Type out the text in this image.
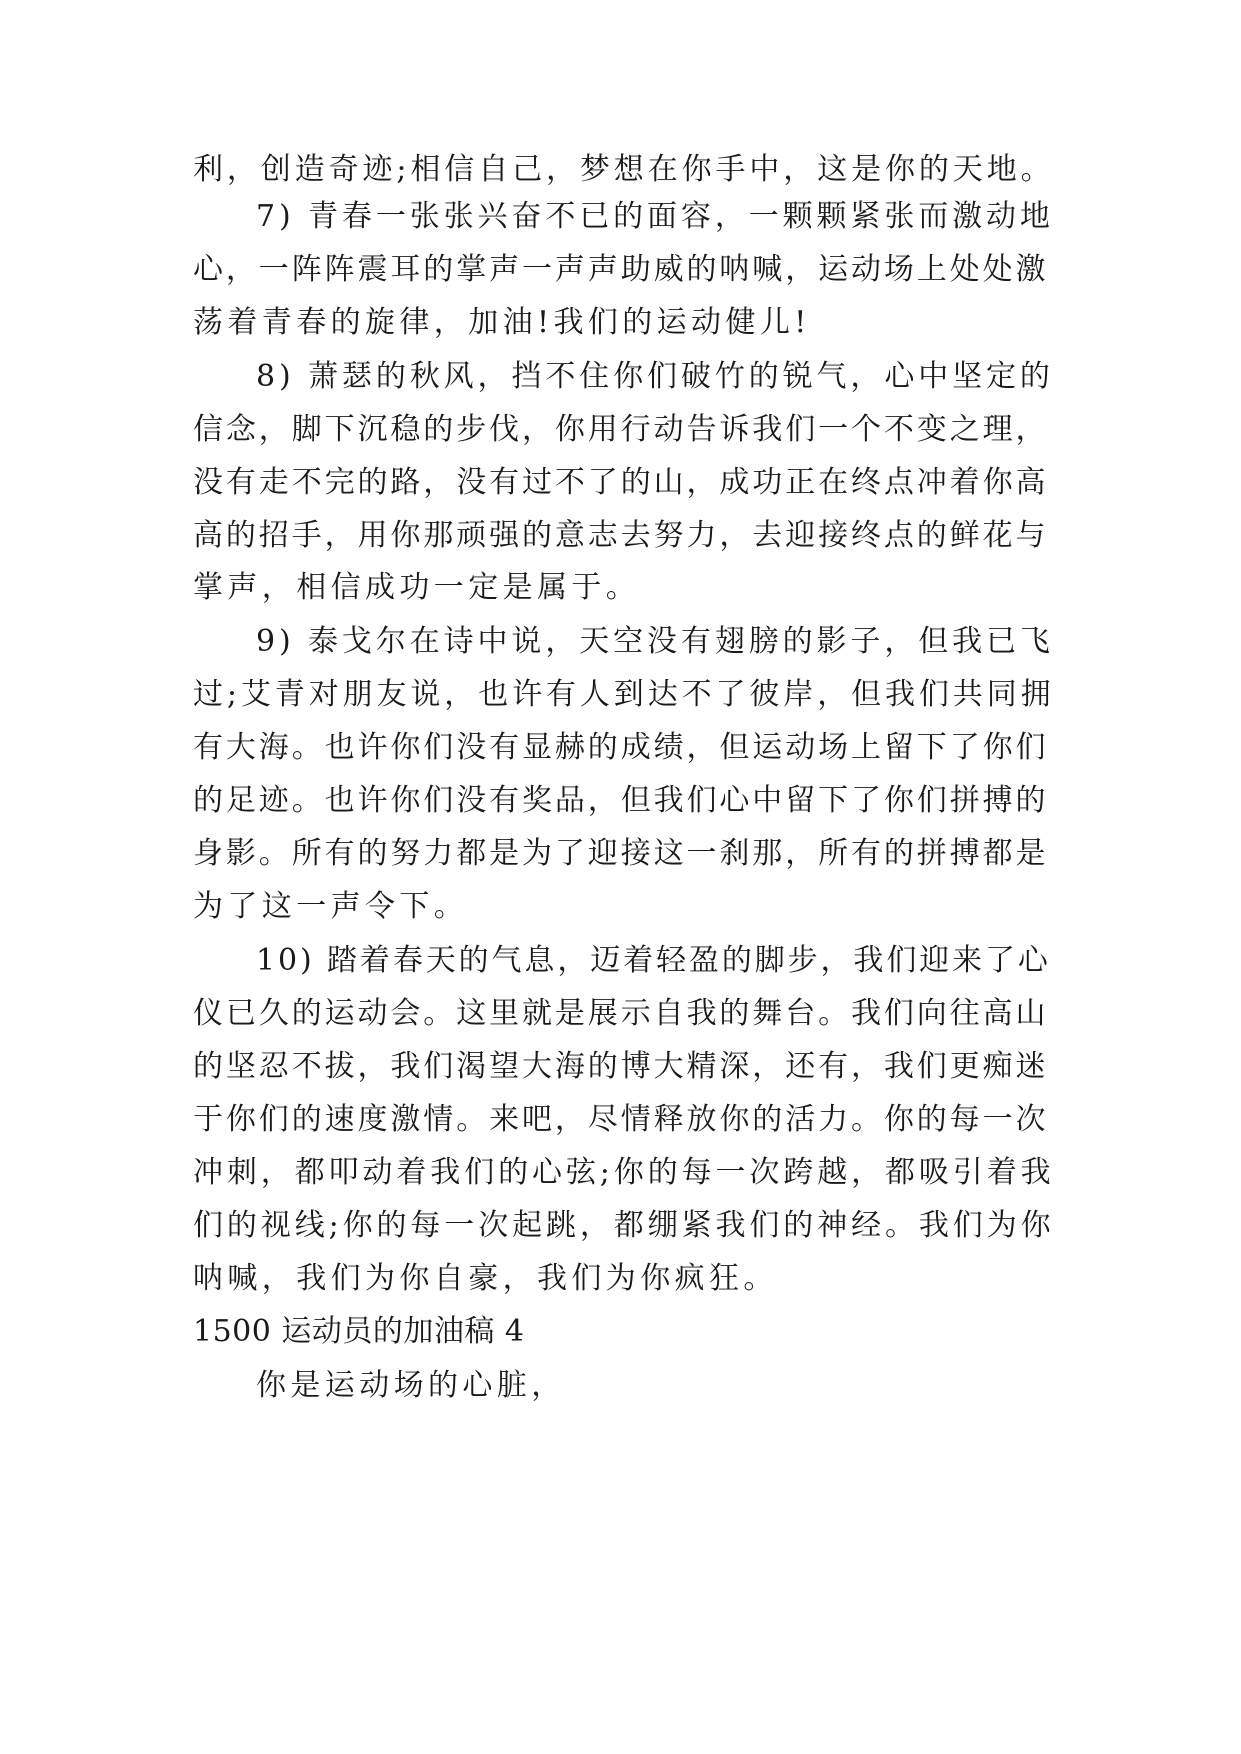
利，创造奇迹;相信自己，梦想在你手中，这是你的天地。
7) 青春一张张兴奋不已的面容，一颗颗紧张而激动地
心，一阵阵震耳的掌声一声声助威的呐喊，运动场上处处激
荡着青春的旋律，加油!我们的运动健儿!
8) 萧瑟的秋风，挡不住你们破竹的锐气，心中坚定的
信念，脚下沉稳的步伐，你用行动告诉我们一个不变之理，
没有走不完的路，没有过不了的山，成功正在终点冲着你高
高的招手，用你那顽强的意志去努力，去迎接终点的鲜花与
掌声，相信成功一定是属于。
9) 泰戈尔在诗中说，天空没有翅膀的影子，但我已飞
过;艾青对朋友说，也许有人到达不了彼岸，但我们共同拥
有大海。也许你们没有显赫的成绩，但运动场上留下了你们
的足迹。也许你们没有奖品，但我们心中留下了你们拼搏的
身影。所有的努力都是为了迎接这一刹那，所有的拼搏都是
为了这一声令下。
10) 踏着春天的气息，迈着轻盈的脚步，我们迎来了心
仪已久的运动会。这里就是展示自我的舞台。我们向往高山
的坚忍不拔，我们渴望大海的博大精深，还有，我们更痴迷
于你们的速度激情。来吧，尽情释放你的活力。你的每一次
冲刺，都叩动着我们的心弦;你的每一次跨越，都吸引着我
们的视线;你的每一次起跳，都绷紧我们的神经。我们为你
呐喊，我们为你自豪，我们为你疯狂。
1500 运动员的加油稿 4
你是运动场的心脏，
